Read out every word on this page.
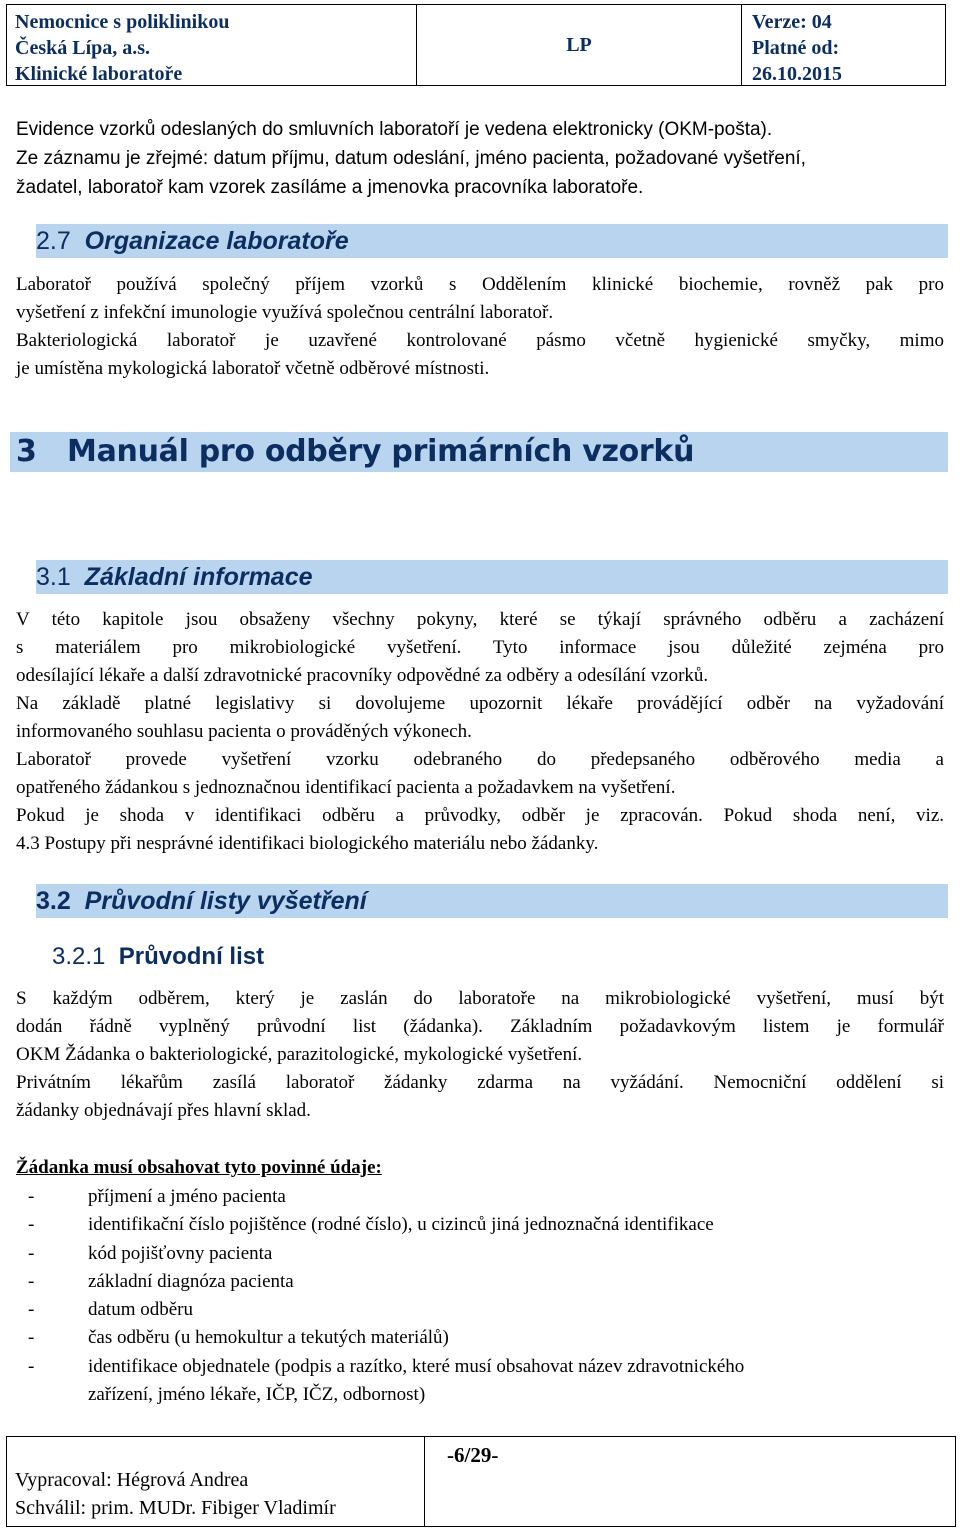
Nemocnice s poliklinikou
Česká Lípa, a.s.
Klinické laboratoře
LP
Verze: 04
Platné od:
26.10.2015
Evidence vzorků odeslaných do smluvních laboratoří je vedena elektronicky (OKM-pošta).
Ze záznamu je zřejmé: datum příjmu, datum odeslání, jméno pacienta, požadované vyšetření,
žadatel, laboratoř kam vzorek zasíláme a jmenovka pracovníka laboratoře.
2.7 Organizace laboratoře
Laboratoř používá společný příjem vzorků s Oddělením klinické biochemie, rovněž pak pro
vyšetření z infekční imunologie využívá společnou centrální laboratoř.
Bakteriologická laboratoř je uzavřené kontrolované pásmo včetně hygienické smyčky, mimo
je umístěna mykologická laboratoř včetně odběrové místnosti.
3 Manuál pro odběry primárních vzorků
3.1 Základní informace
V této kapitole jsou obsaženy všechny pokyny, které se týkají správného odběru a zacházení
s materiálem pro mikrobiologické vyšetření. Tyto informace jsou důležité zejména pro
odesílající lékaře a další zdravotnické pracovníky odpovědné za odběry a odesílání vzorků.
Na základě platné legislativy si dovolujeme upozornit lékaře provádějící odběr na vyžadování
informovaného souhlasu pacienta o prováděných výkonech.
Laboratoř provede vyšetření vzorku odebraného do předepsaného odběrového media a
opatřeného žádankou s jednoznačnou identifikací pacienta a požadavkem na vyšetření.
Pokud je shoda v identifikaci odběru a průvodky, odběr je zpracován. Pokud shoda není, viz.
4.3 Postupy při nesprávné identifikaci biologického materiálu nebo žádanky.
3.2 Průvodní listy vyšetření
3.2.1 Průvodní list
S každým odběrem, který je zaslán do laboratoře na mikrobiologické vyšetření, musí být
dodán řádně vyplněný průvodní list (žádanka). Základním požadavkovým listem je formulář
OKM Žádanka o bakteriologické, parazitologické, mykologické vyšetření.
Privátním lékařům zasílá laboratoř žádanky zdarma na vyžádání. Nemocniční oddělení si
žádanky objednávají přes hlavní sklad.
Žádanka musí obsahovat tyto povinné údaje:
-	příjmení a jméno pacienta
-	identifikační číslo pojištěnce (rodné číslo), u cizinců jiná jednoznačná identifikace
-	kód pojišťovny pacienta
-	základní diagnóza pacienta
-	datum odběru
-	čas odběru (u hemokultur a tekutých materiálů)
-	identifikace objednatele (podpis a razítko, které musí obsahovat název zdravotnického
zařízení, jméno lékaře, IČP, IČZ, odbornost)
Vypracoval: Hégrová Andrea
Schválil: prim. MUDr. Fibiger Vladimír
-6/29-
